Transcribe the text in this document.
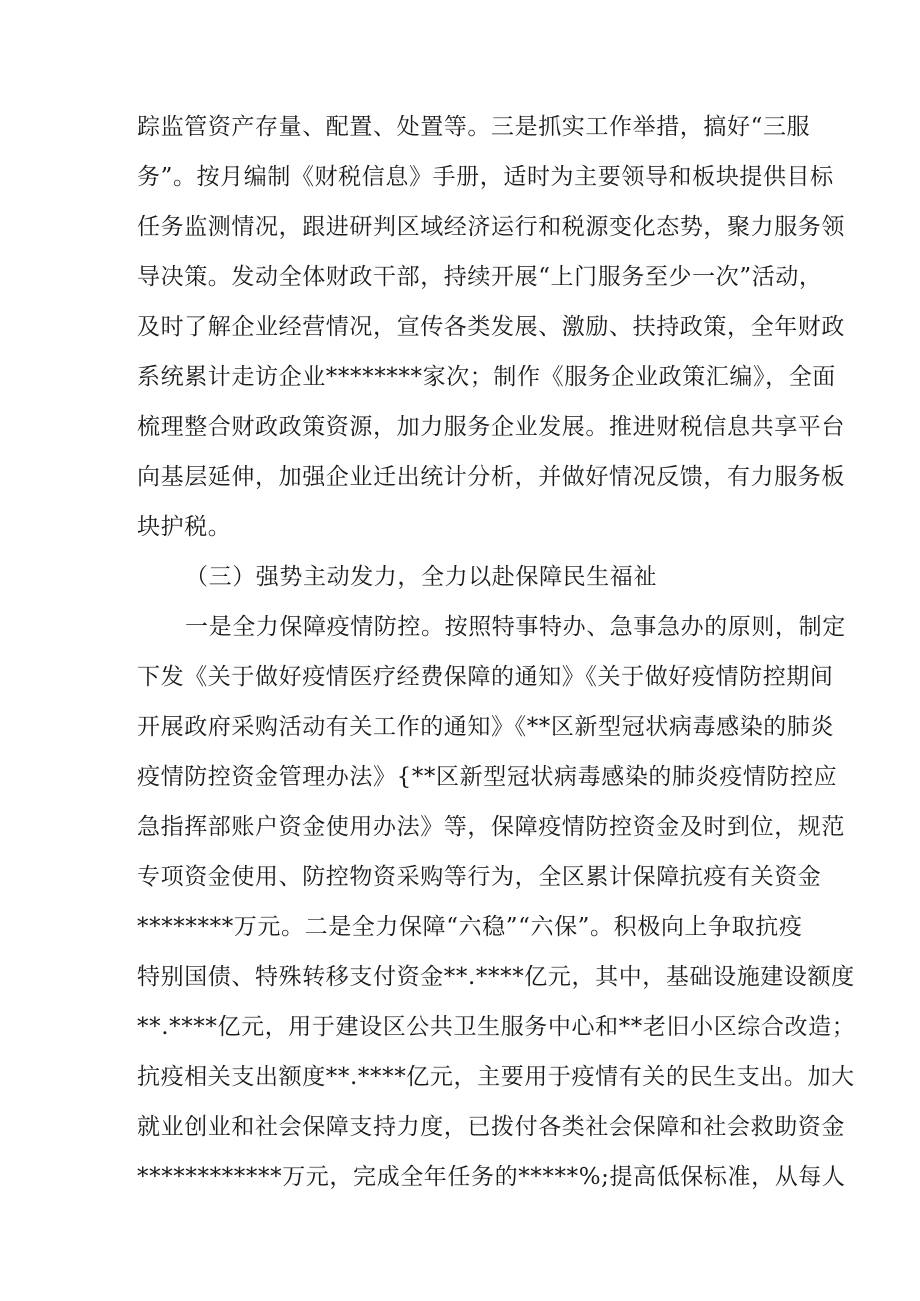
踪监管资产存量、配置、处置等。三是抓实工作举措，搞好“三服
务”。按月编制《财税信息》手册，适时为主要领导和板块提供目标
任务监测情况，跟进研判区域经济运行和税源变化态势，聚力服务领
导决策。发动全体财政干部，持续开展“上门服务至少一次”活动，
及时了解企业经营情况，宣传各类发展、激励、扶持政策，全年财政
系统累计走访企业********家次；制作《服务企业政策汇编》，全面
梳理整合财政政策资源，加力服务企业发展。推进财税信息共享平台
向基层延伸，加强企业迁出统计分析，并做好情况反馈，有力服务板
块护税。
（三）强势主动发力，全力以赴保障民生福祉
一是全力保障疫情防控。按照特事特办、急事急办的原则，制定
下发《关于做好疫情医疗经费保障的通知》《关于做好疫情防控期间
开展政府采购活动有关工作的通知》《**区新型冠状病毒感染的肺炎
疫情防控资金管理办法》{**区新型冠状病毒感染的肺炎疫情防控应
急指挥部账户资金使用办法》等，保障疫情防控资金及时到位，规范
专项资金使用、防控物资采购等行为，全区累计保障抗疫有关资金
********万元。二是全力保障“六稳”“六保”。积极向上争取抗疫
特别国债、特殊转移支付资金**.****亿元，其中，基础设施建设额度
**.****亿元，用于建设区公共卫生服务中心和**老旧小区综合改造；
抗疫相关支出额度**.****亿元，主要用于疫情有关的民生支出。加大
就业创业和社会保障支持力度，已拨付各类社会保障和社会救助资金
************万元，完成全年任务的*****%;提高低保标准，从每人
